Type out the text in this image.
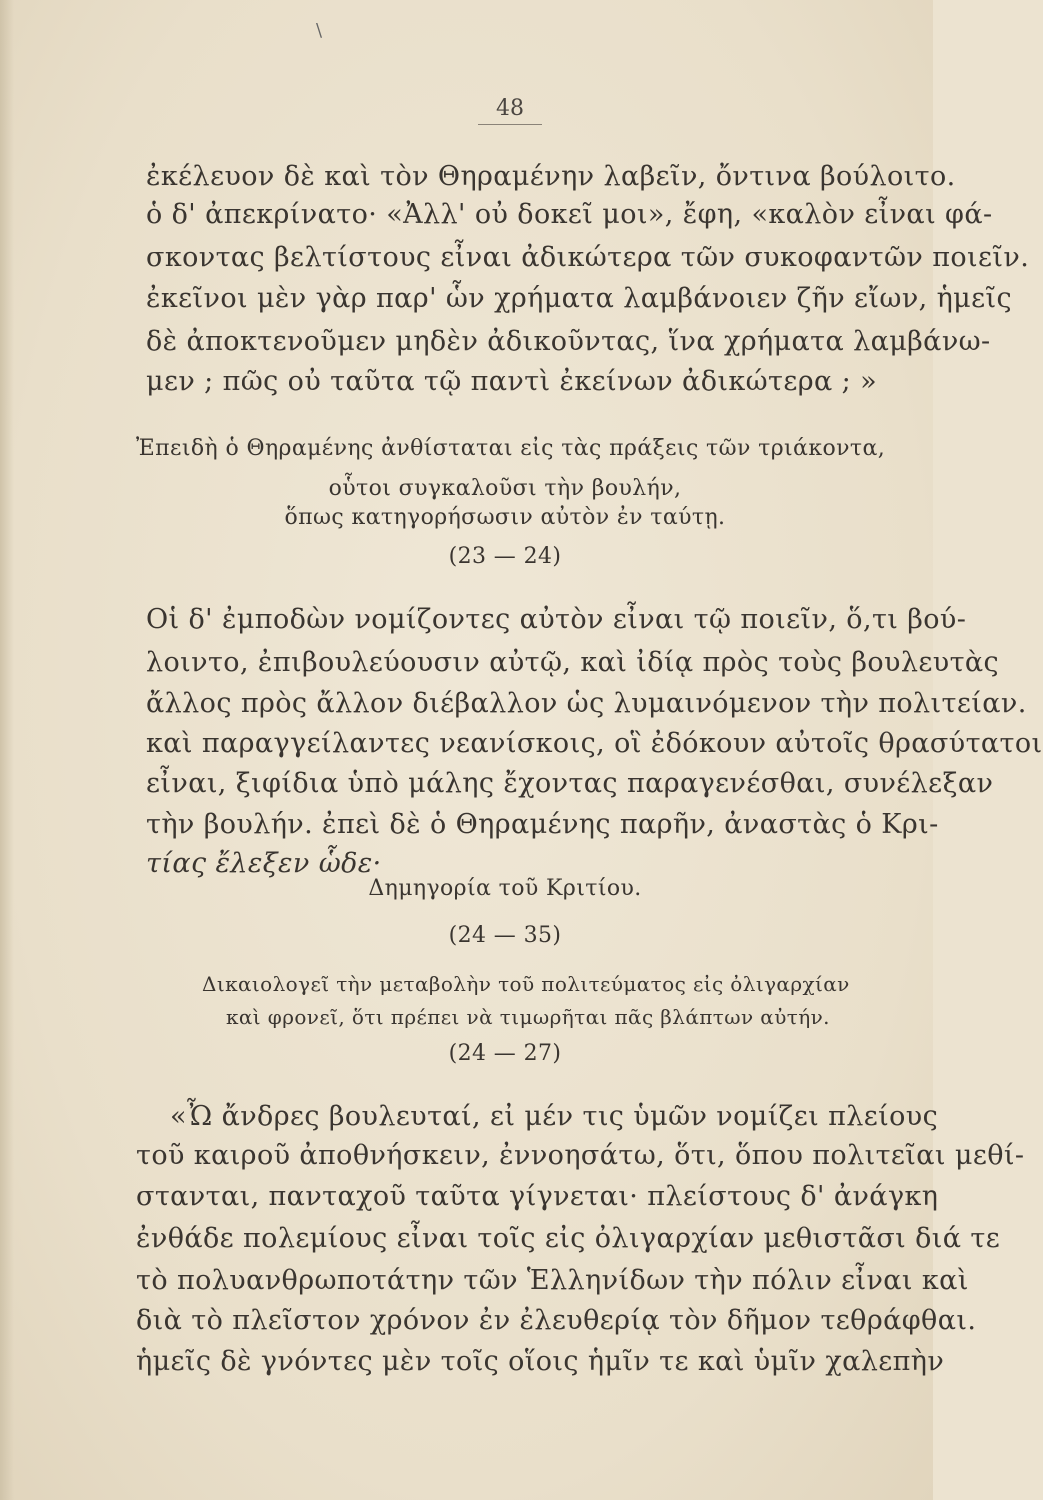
\
48
ἐκέλευον δὲ καὶ τὸν Θηραμένην λαβεῖν, ὄντινα βούλοιτο.
ὁ δ' ἀπεκρίνατο· «Ἀλλ' οὐ δοκεῖ μοι», ἔφη, «καλὸν εἶναι φά-
σκοντας βελτίστους εἶναι ἀδικώτερα τῶν συκοφαντῶν ποιεῖν.
ἐκεῖνοι μὲν γὰρ παρ' ὧν χρήματα λαμβάνοιεν ζῆν εἴων, ἡμεῖς
δὲ ἀποκτενοῦμεν μηδὲν ἀδικοῦντας, ἵνα χρήματα λαμβάνω-
μεν ; πῶς οὐ ταῦτα τῷ παντὶ ἐκείνων ἀδικώτερα ; »
Ἐπειδὴ ὁ Θηραμένης ἀνθίσταται εἰς τὰς πράξεις τῶν τριάκοντα,
οὗτοι συγκαλοῦσι τὴν βουλήν,
ὅπως κατηγορήσωσιν αὐτὸν ἐν ταύτῃ.
(23 — 24)
Οἱ δ' ἐμποδὼν νομίζοντες αὐτὸν εἶναι τῷ ποιεῖν, ὅ,τι βού-
λοιντο, ἐπιβουλεύουσιν αὐτῷ, καὶ ἰδίᾳ πρὸς τοὺς βουλευτὰς
ἄλλος πρὸς ἄλλον διέβαλλον ὡς λυμαινόμενον τὴν πολιτείαν.
καὶ παραγγείλαντες νεανίσκοις, οἳ ἐδόκουν αὐτοῖς θρασύτατοι
εἶναι, ξιφίδια ὑπὸ μάλης ἔχοντας παραγενέσθαι, συνέλεξαν
τὴν βουλήν. ἐπεὶ δὲ ὁ Θηραμένης παρῆν, ἀναστὰς ὁ Κρι-
τίας ἔλεξεν ὧδε·
Δημηγορία τοῦ Κριτίου.
(24 — 35)
Δικαιολογεῖ τὴν μεταβολὴν τοῦ πολιτεύματος εἰς ὀλιγαρχίαν
καὶ φρονεῖ, ὅτι πρέπει νὰ τιμωρῆται πᾶς βλάπτων αὐτήν.
(24 — 27)
«Ὦ ἄνδρες βουλευταί, εἰ μέν τις ὑμῶν νομίζει πλείους
τοῦ καιροῦ ἀποθνήσκειν, ἐννοησάτω, ὅτι, ὅπου πολιτεῖαι μεθί-
στανται, πανταχοῦ ταῦτα γίγνεται· πλείστους δ' ἀνάγκη
ἐνθάδε πολεμίους εἶναι τοῖς εἰς ὀλιγαρχίαν μεθιστᾶσι διά τε
τὸ πολυανθρωποτάτην τῶν Ἑλληνίδων τὴν πόλιν εἶναι καὶ
διὰ τὸ πλεῖστον χρόνον ἐν ἐλευθερίᾳ τὸν δῆμον τεθράφθαι.
ἡμεῖς δὲ γνόντες μὲν τοῖς οἵοις ἡμῖν τε καὶ ὑμῖν χαλεπὴν
